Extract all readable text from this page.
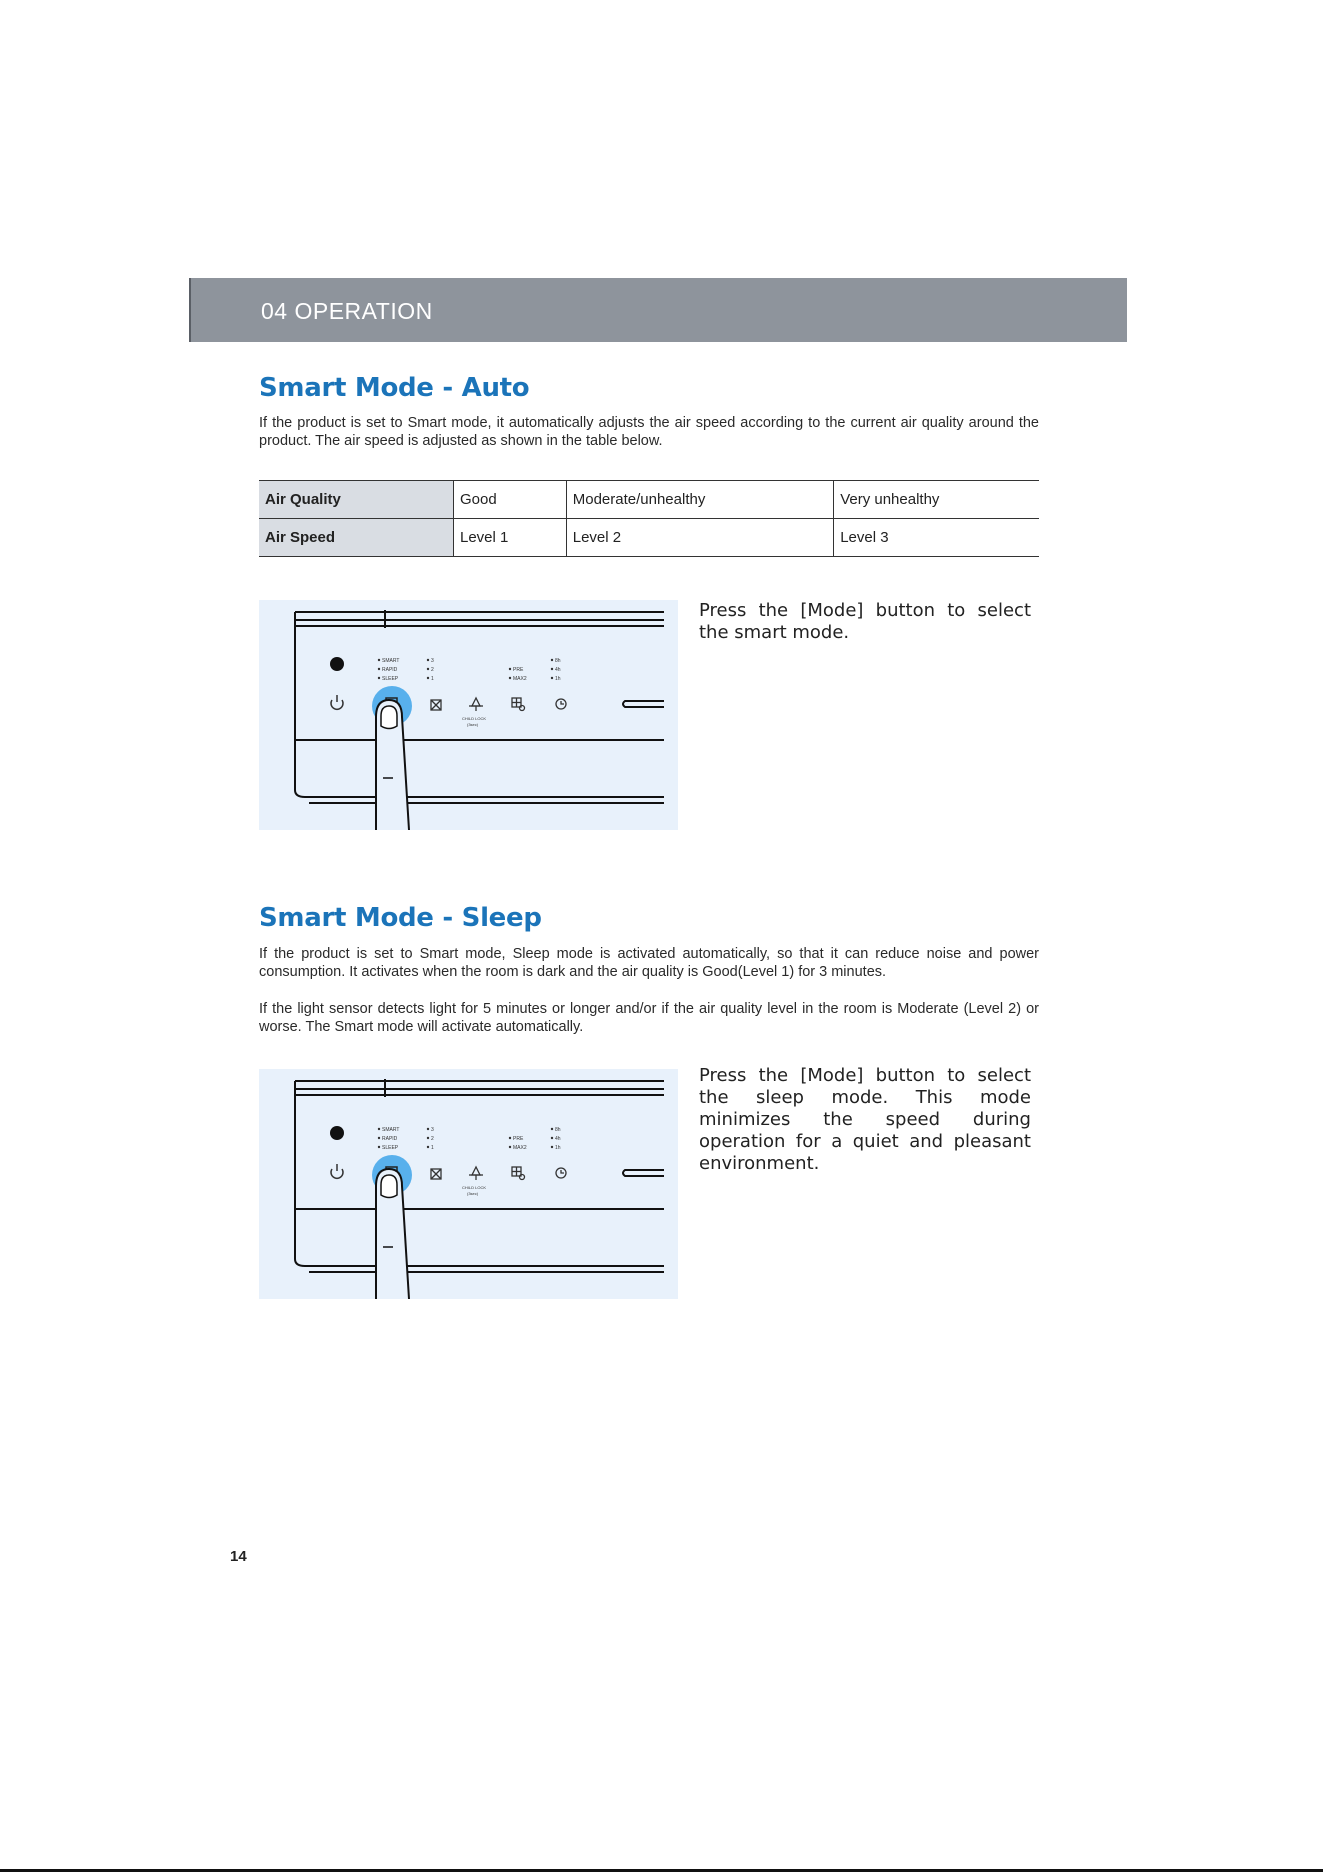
04 OPERATION
Smart Mode - Auto
If the product is set to Smart mode, it automatically adjusts the air speed according to the current air quality around the product. The air speed is adjusted as shown in the table below.
Air Quality	Good	Moderate/unhealthy	Very unhealthy
Air Speed	Level 1	Level 2	Level 3
SMART
RAPID
SLEEP
3
2
1
PRE
MAX2
8h
4h
1h
CHILD LOCK
(3sec)
Press the [Mode] button to select the smart mode.
Smart Mode - Sleep
If the product is set to Smart mode, Sleep mode is activated automatically, so that it can reduce noise and power consumption. It activates when the room is dark and the air quality is Good(Level 1) for 3 minutes.
If the light sensor detects light for 5 minutes or longer and/or if the air quality level in the room is Moderate (Level 2) or worse. The Smart mode will activate automatically.
SMART
RAPID
SLEEP
3
2
1
PRE
MAX2
8h
4h
1h
CHILD LOCK
(3sec)
Press the [Mode] button to select the sleep mode. This mode minimizes the speed during operation for a quiet and pleasant environment.
14
